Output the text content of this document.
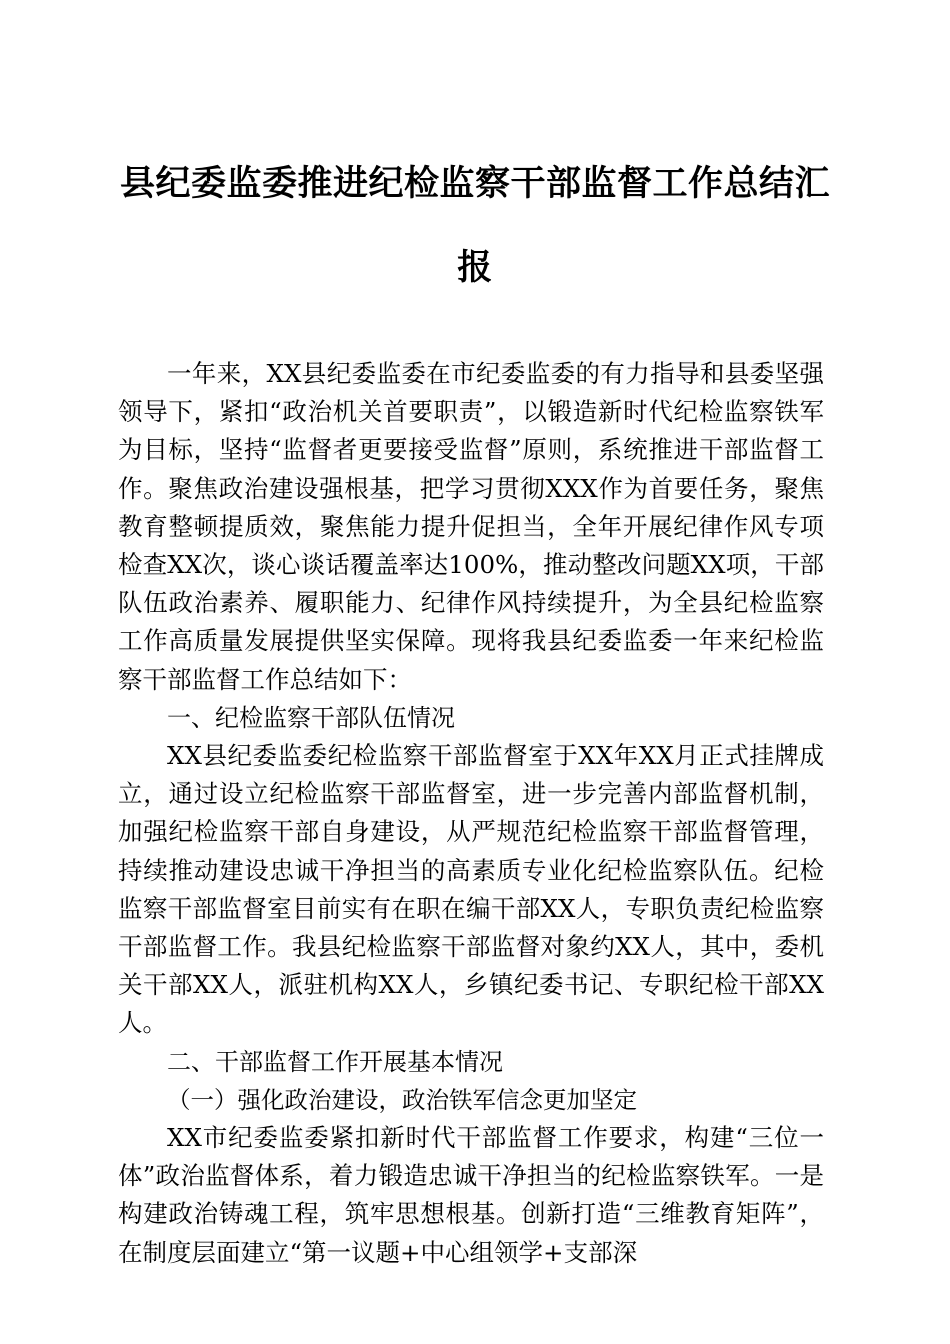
县纪委监委推进纪检监察干部监督工作总结汇报

一年来，XX县纪委监委在市纪委监委的有力指导和县委坚强领导下，紧扣“政治机关首要职责”，以锻造新时代纪检监察铁军为目标，坚持“监督者更要接受监督”原则，系统推进干部监督工作。聚焦政治建设强根基，把学习贯彻XXX作为首要任务，聚焦教育整顿提质效，聚焦能力提升促担当，全年开展纪律作风专项检查XX次，谈心谈话覆盖率达100%，推动整改问题XX项，干部队伍政治素养、履职能力、纪律作风持续提升，为全县纪检监察工作高质量发展提供坚实保障。现将我县纪委监委一年来纪检监察干部监督工作总结如下：

一、纪检监察干部队伍情况

XX县纪委监委纪检监察干部监督室于XX年XX月正式挂牌成立，通过设立纪检监察干部监督室，进一步完善内部监督机制，加强纪检监察干部自身建设，从严规范纪检监察干部监督管理，持续推动建设忠诚干净担当的高素质专业化纪检监察队伍。纪检监察干部监督室目前实有在职在编干部XX人，专职负责纪检监察干部监督工作。我县纪检监察干部监督对象约XX人，其中，委机关干部XX人，派驻机构XX人，乡镇纪委书记、专职纪检干部XX人。

二、干部监督工作开展基本情况

（一）强化政治建设，政治铁军信念更加坚定

XX市纪委监委紧扣新时代干部监督工作要求，构建“三位一体”政治监督体系，着力锻造忠诚干净担当的纪检监察铁军。一是构建政治铸魂工程，筑牢思想根基。创新打造“三维教育矩阵”，在制度层面建立“第一议题+中心组领学+支部深
